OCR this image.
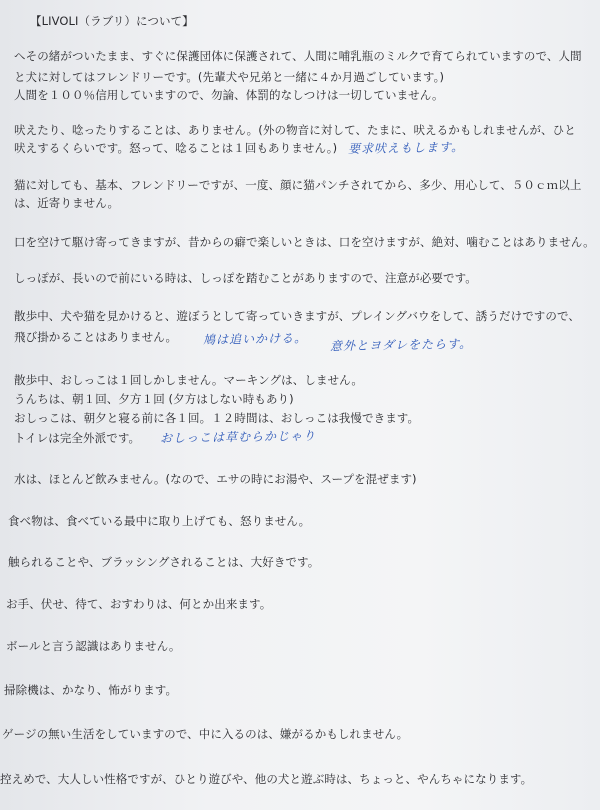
【LIVOLI（ラブリ）について】
へその緒がついたまま、すぐに保護団体に保護されて、人間に哺乳瓶のミルクで育てられていますので、人間
と犬に対してはフレンドリーです。(先輩犬や兄弟と一緒に４か月過ごしています。)
人間を１００％信用していますので、勿論、体罰的なしつけは一切していません。
吠えたり、唸ったりすることは、ありません。(外の物音に対して、たまに、吠えるかもしれませんが、ひと
吠えするくらいです。怒って、唸ることは１回もありません。) 要求吠えもします。
猫に対しても、基本、フレンドリーですが、一度、顔に猫パンチされてから、多少、用心して、５０ｃｍ以上
は、近寄りません。
口を空けて駆け寄ってきますが、昔からの癖で楽しいときは、口を空けますが、絶対、噛むことはありません。
しっぽが、長いので前にいる時は、しっぽを踏むことがありますので、注意が必要です。
散歩中、犬や猫を見かけると、遊ぼうとして寄っていきますが、プレイングバウをして、誘うだけですので、
飛び掛かることはありません。 鳩は追いかける。 意外とヨダレをたらす。
散歩中、おしっこは１回しかしません。マーキングは、しません。
うんちは、朝１回、夕方１回 (夕方はしない時もあり)
おしっこは、朝夕と寝る前に各１回。１２時間は、おしっこは我慢できます。
トイレは完全外派です。 おしっこは草むらかじゃり
水は、ほとんど飲みません。(なので、エサの時にお湯や、スープを混ぜます)
食べ物は、食べている最中に取り上げても、怒りません。
触られることや、ブラッシングされることは、大好きです。
お手、伏せ、待て、おすわりは、何とか出来ます。
ボールと言う認識はありません。
掃除機は、かなり、怖がります。
ゲージの無い生活をしていますので、中に入るのは、嫌がるかもしれません。
控えめで、大人しい性格ですが、ひとり遊びや、他の犬と遊ぶ時は、ちょっと、やんちゃになります。
